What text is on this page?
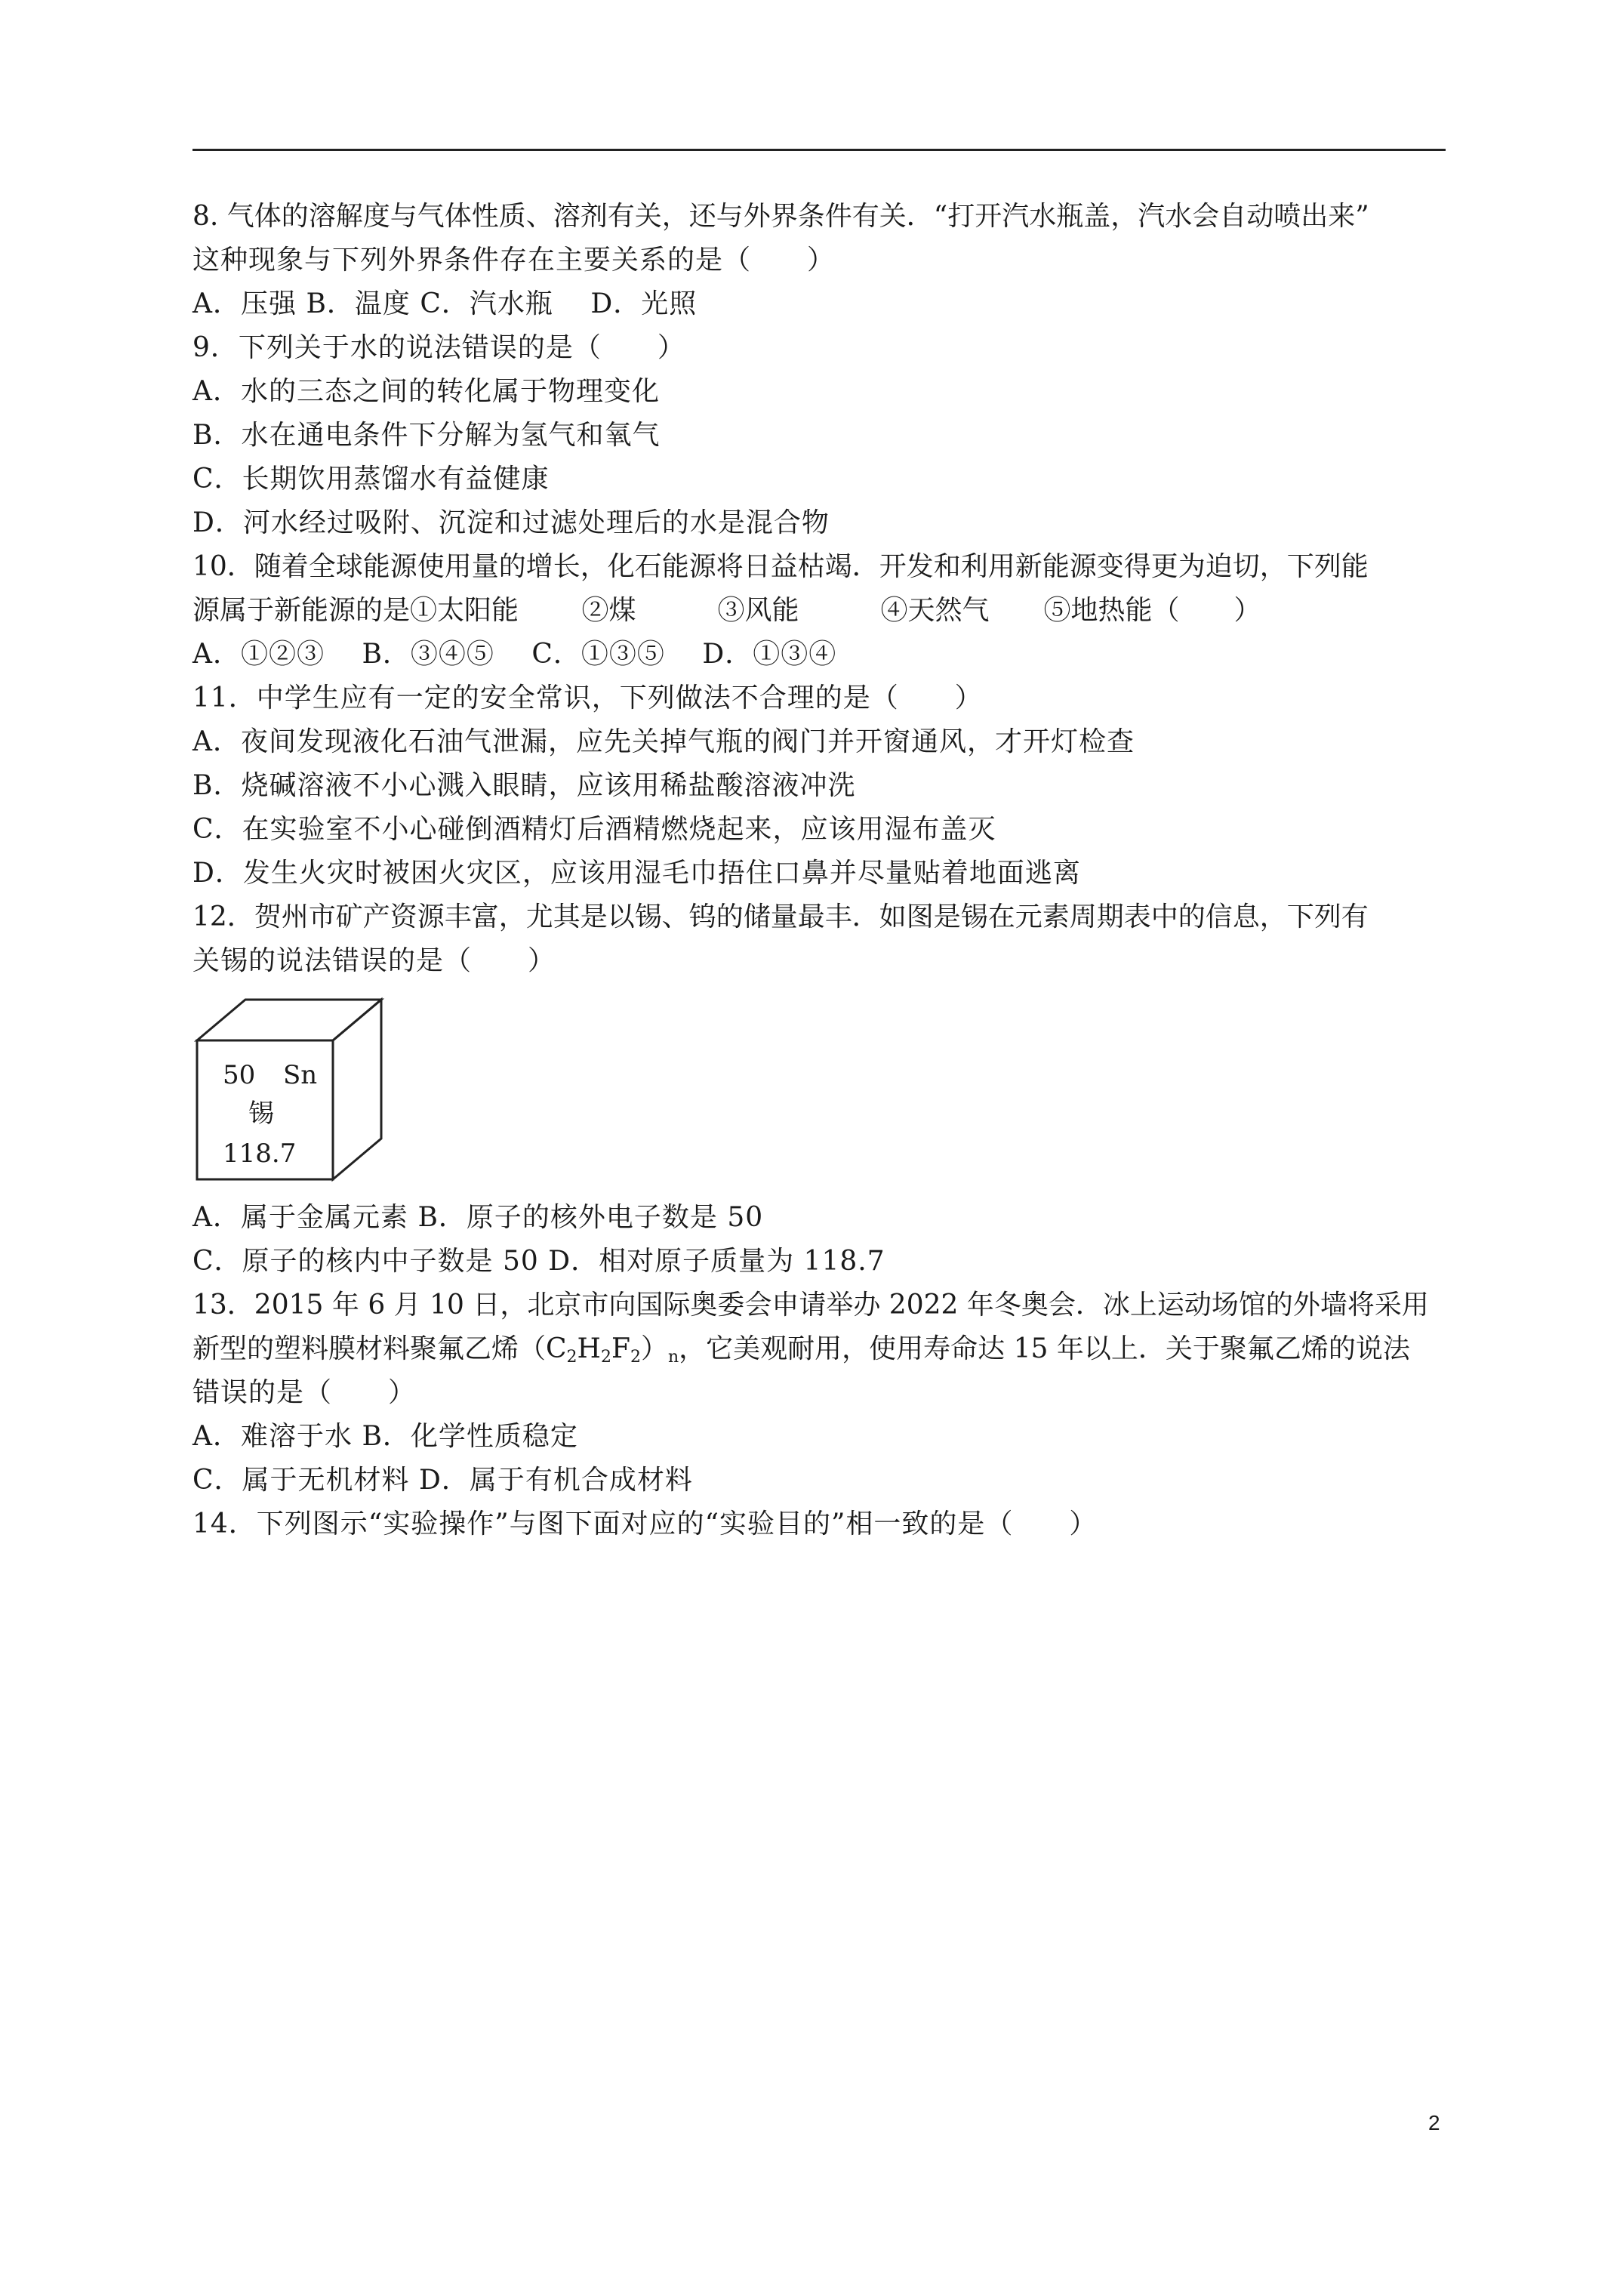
8. 气体的溶解度与气体性质、溶剂有关，还与外界条件有关．“打开汽水瓶盖，汽水会自动喷出来”
这种现象与下列外界条件存在主要关系的是（　　）
A．压强 B．温度 C．汽水瓶　 D．光照
9．下列关于水的说法错误的是（　　）
A．水的三态之间的转化属于物理变化
B．水在通电条件下分解为氢气和氧气
C．长期饮用蒸馏水有益健康
D．河水经过吸附、沉淀和过滤处理后的水是混合物
10．随着全球能源使用量的增长，化石能源将日益枯竭．开发和利用新能源变得更为迫切，下列能
源属于新能源的是①太阳能　　 ②煤　　　③风能　　　④天然气　　⑤地热能（　　）
A．①②③　 B．③④⑤　 C．①③⑤　 D．①③④
11．中学生应有一定的安全常识，下列做法不合理的是（　　）
A．夜间发现液化石油气泄漏，应先关掉气瓶的阀门并开窗通风，才开灯检查
B．烧碱溶液不小心溅入眼睛，应该用稀盐酸溶液冲洗
C．在实验室不小心碰倒酒精灯后酒精燃烧起来，应该用湿布盖灭
D．发生火灾时被困火灾区，应该用湿毛巾捂住口鼻并尽量贴着地面逃离
12．贺州市矿产资源丰富，尤其是以锡、钨的储量最丰．如图是锡在元素周期表中的信息，下列有
关锡的说法错误的是（　　）
50 Sn
锡
118.7
A．属于金属元素 B．原子的核外电子数是 50
C．原子的核内中子数是 50 D．相对原子质量为 118.7
13．2015 年 6 月 10 日，北京市向国际奥委会申请举办 2022 年冬奥会．冰上运动场馆的外墙将采用
新型的塑料膜材料聚氟乙烯$(C_2H_2F_2)_n$，它美观耐用，使用寿命达 15 年以上．关于聚氟乙烯的说法
错误的是（　　）
A．难溶于水 B．化学性质稳定
C．属于无机材料 D．属于有机合成材料
14．下列图示“实验操作”与图下面对应的“实验目的”相一致的是（　　）
2
